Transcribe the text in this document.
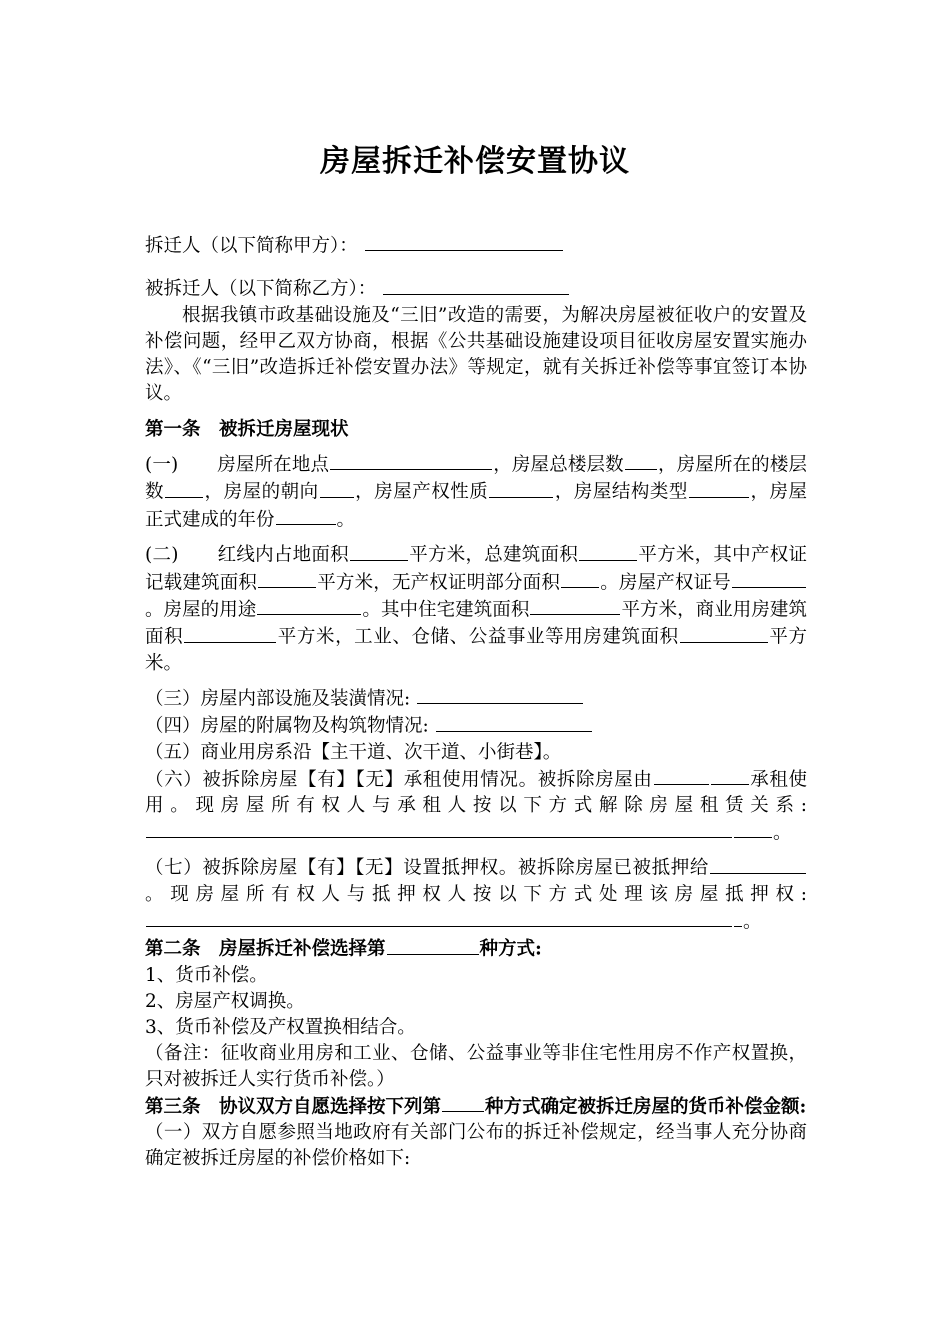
房屋拆迁补偿安置协议

拆迁人（以下简称甲方）：

被拆迁人（以下简称乙方）：

根据我镇市政基础设施及“三旧”改造的需要，为解决房屋被征收户的安置及补偿问题，经甲乙双方协商，根据《公共基础设施建设项目征收房屋安置实施办法》、《“三旧”改造拆迁补偿安置办法》等规定，就有关拆迁补偿等事宜签订本协议。

第一条　被拆迁房屋现状

(一) 房屋所在地点	，房屋总楼层数 ，房屋所在的楼层数 ，房屋的朝向 ，房屋产权性质	，房屋结构类型	，房屋正式建成的年份	。

(二) 红线内占地面积	平方米，总建筑面积	平方米，其中产权证记载建筑面积	平方米，无产权证明部分面积 。房屋产权证号。房屋的用途	。其中住宅建筑面积	平方米，商业用房建筑面积	平方米，工业、仓储、公益事业等用房建筑面积	平方米。

（三）房屋内部设施及装潢情况:

（四）房屋的附属物及构筑物情况:

（五）商业用房系沿【主干道、次干道、小街巷】。

（六）被拆除房屋【有】【无】承租使用情况。被拆除房屋由	承租使用。现房屋所有权人与承租人按以下方式解除房屋租赁关系:。

（七）被拆除房屋【有】【无】设置抵押权。被拆除房屋已被抵押给。现房屋所有权人与抵押权人按以下方式处理该房屋抵押权:。

第二条　房屋拆迁补偿选择第	种方式:

1、货币补偿。

2、房屋产权调换。

3、货币补偿及产权置换相结合。

（备注：征收商业用房和工业、仓储、公益事业等非住宅性用房不作产权置换，只对被拆迁人实行货币补偿。）

第三条　协议双方自愿选择按下列第 种方式确定被拆迁房屋的货币补偿金额:

（一）双方自愿参照当地政府有关部门公布的拆迁补偿规定，经当事人充分协商确定被拆迁房屋的补偿价格如下:
